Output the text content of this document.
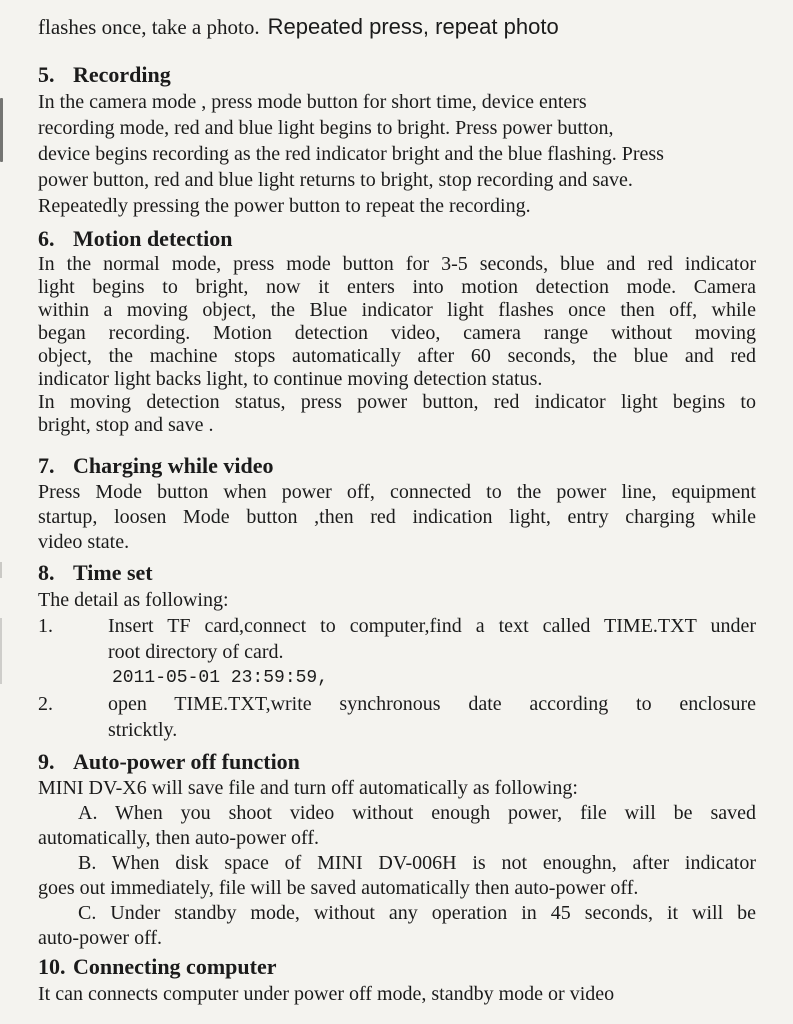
flashes once, take a photo. Repeated press, repeat photo
5. Recording
In the camera mode , press mode button for short time, device enters
recording mode, red and blue light begins to bright. Press power button,
device begins recording as the red indicator bright and the blue flashing. Press
power button, red and blue light returns to bright, stop recording and save.
Repeatedly pressing the power button to repeat the recording.
6. Motion detection
In the normal mode, press mode button for 3-5 seconds, blue and red indicator
light begins to bright, now it enters into motion detection mode. Camera
within a moving object, the Blue indicator light flashes once then off, while
began recording. Motion detection video, camera range without moving
object, the machine stops automatically after 60 seconds, the blue and red
indicator light backs light, to continue moving detection status.
In moving detection status, press power button, red indicator light begins to
bright, stop and save .
7. Charging while video
Press Mode button when power off, connected to the power line, equipment
startup, loosen Mode button ,then red indication light, entry charging while
video state.
8. Time set
The detail as following:
1.	Insert TF card,connect to computer,find a text called TIME.TXT under
root directory of card.
2011-05-01 23:59:59,
2.	open TIME.TXT,write synchronous date according to enclosure
stricktly.
9. Auto-power off function
MINI DV-X6 will save file and turn off automatically as following:
A. When you shoot video without enough power, file will be saved
automatically, then auto-power off.
B. When disk space of MINI DV-006H is not enoughn, after indicator
goes out immediately, file will be saved automatically then auto-power off.
C. Under standby mode, without any operation in 45 seconds, it will be
auto-power off.
10. Connecting computer
It can connects computer under power off mode, standby mode or video
